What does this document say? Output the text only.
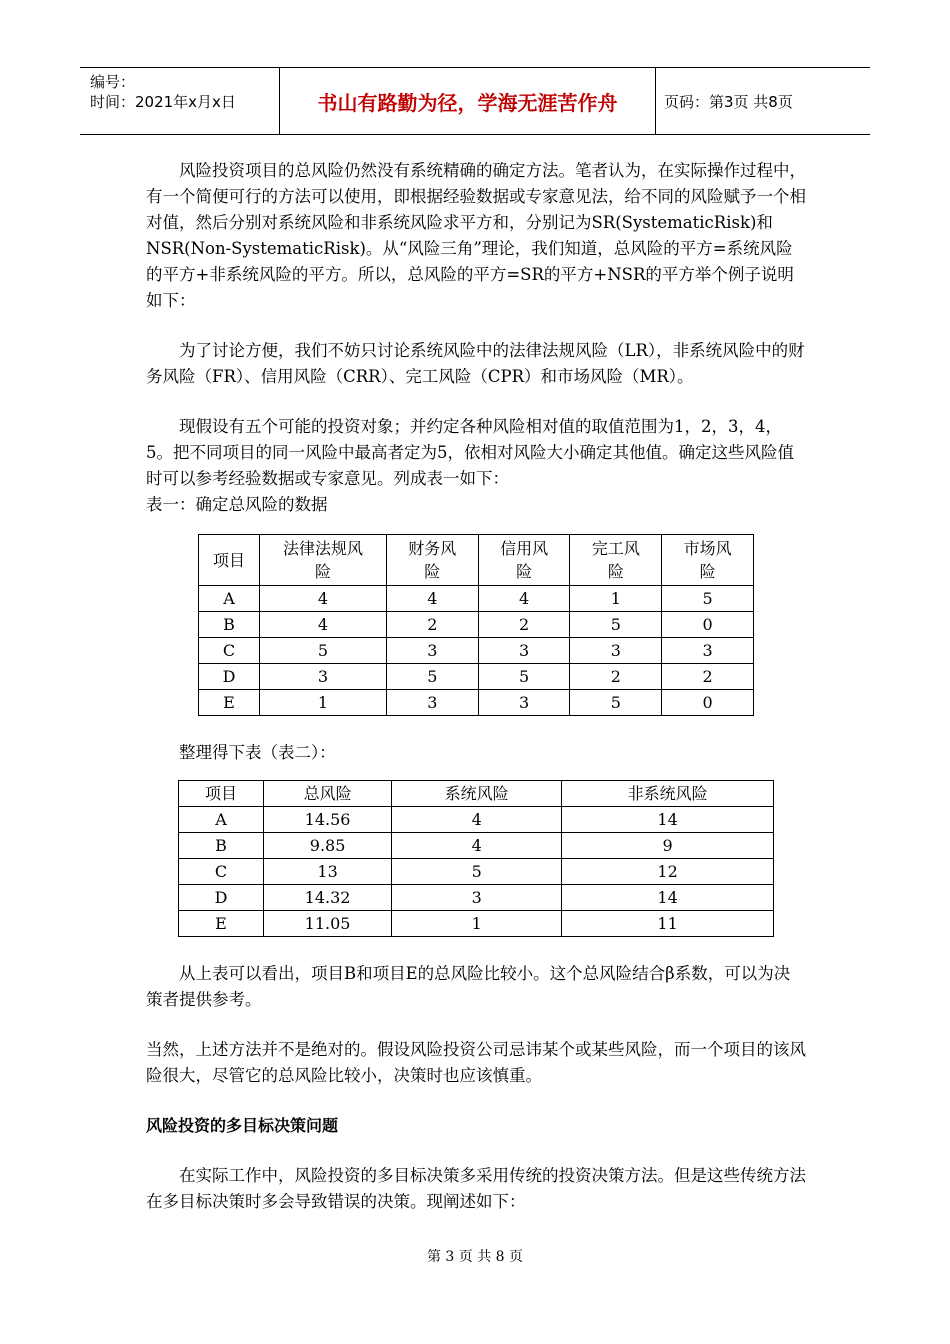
编号：
时间：2021年x月x日	书山有路勤为径，学海无涯苦作舟	页码：第3页 共8页

风险投资项目的总风险仍然没有系统精确的确定方法。笔者认为，在实际操作过程中，有一个简便可行的方法可以使用，即根据经验数据或专家意见法，给不同的风险赋予一个相对值，然后分别对系统风险和非系统风险求平方和，分别记为SR(SystematicRisk)和NSR(Non-SystematicRisk)。从“风险三角”理论，我们知道，总风险的平方=系统风险的平方+非系统风险的平方。所以，总风险的平方=SR的平方+NSR的平方举个例子说明如下：

为了讨论方便，我们不妨只讨论系统风险中的法律法规风险（LR），非系统风险中的财务风险（FR）、信用风险（CRR）、完工风险（CPR）和市场风险（MR）。

现假设有五个可能的投资对象；并约定各种风险相对值的取值范围为1，2，3，4，5。把不同项目的同一风险中最高者定为5，依相对风险大小确定其他值。确定这些风险值时可以参考经验数据或专家意见。列成表一如下：

表一：确定总风险的数据

项目	法律法规风险	财务风险	信用风险	完工风险	市场风险
A	4	4	4	1	5
B	4	2	2	5	0
C	5	3	3	3	3
D	3	5	5	2	2
E	1	3	3	5	0

整理得下表（表二）：

项目	总风险	系统风险	非系统风险
A	14.56	4	14
B	9.85	4	9
C	13	5	12
D	14.32	3	14
E	11.05	1	11

从上表可以看出，项目B和项目E的总风险比较小。这个总风险结合β系数，可以为决策者提供参考。

当然，上述方法并不是绝对的。假设风险投资公司忌讳某个或某些风险，而一个项目的该风险很大，尽管它的总风险比较小，决策时也应该慎重。

风险投资的多目标决策问题

在实际工作中，风险投资的多目标决策多采用传统的投资决策方法。但是这些传统方法在多目标决策时多会导致错误的决策。现阐述如下：

第 3 页 共 8 页
